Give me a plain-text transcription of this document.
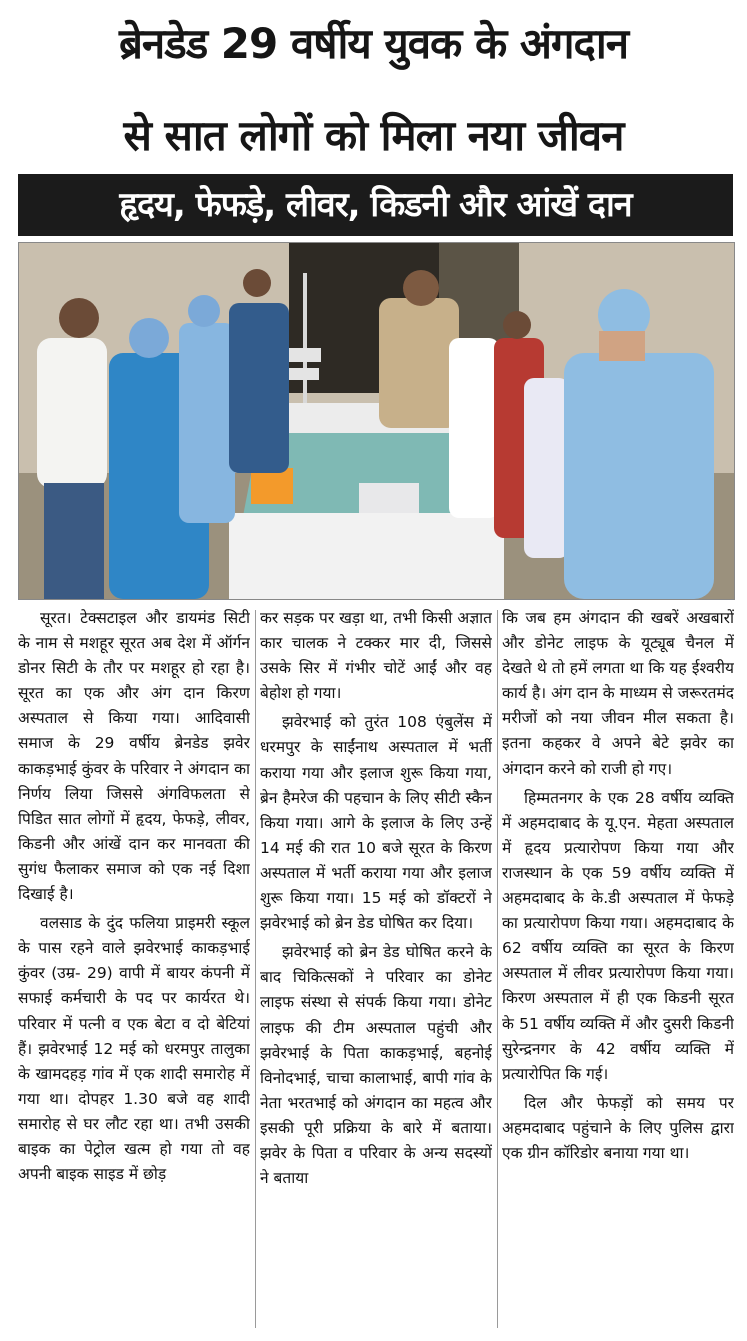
ब्रेनडेड 29 वर्षीय युवक के अंगदान
से सात लोगों को मिला नया जीवन
हृदय, फेफड़े, लीवर, किडनी और आंखें दान

सूरत। टेक्सटाइल और डायमंड सिटी के नाम से मशहूर सूरत अब देश में ऑर्गन डोनर सिटी के तौर पर मशहूर हो रहा है। सूरत का एक और अंग दान किरण अस्पताल से किया गया। आदिवासी समाज के 29 वर्षीय ब्रेनडेड झवेर काकड़भाई कुंवर के परिवार ने अंगदान का निर्णय लिया जिससे अंगविफलता से पिडित सात लोगों में हृदय, फेफड़े, लीवर, किडनी और आंखें दान कर मानवता की सुगंध फैलाकर समाज को एक नई दिशा दिखाई है।

वलसाड के दुंद फलिया प्राइमरी स्कूल के पास रहने वाले झवेरभाई काकड़भाई कुंवर (उम्र- 29) वापी में बायर कंपनी में सफाई कर्मचारी के पद पर कार्यरत थे। परिवार में पत्नी व एक बेटा व दो बेटियां हैं। झवेरभाई 12 मई को धरमपुर तालुका के खामदहड़ गांव में एक शादी समारोह में गया था। दोपहर 1.30 बजे वह शादी समारोह से घर लौट रहा था। तभी उसकी बाइक का पेट्रोल खत्म हो गया तो वह अपनी बाइक साइड में छोड़

कर सड़क पर खड़ा था, तभी किसी अज्ञात कार चालक ने टक्कर मार दी, जिससे उसके सिर में गंभीर चोटें आईं और वह बेहोश हो गया।

झवेरभाई को तुरंत 108 एंबुलेंस में धरमपुर के साईंनाथ अस्पताल में भर्ती कराया गया और इलाज शुरू किया गया, ब्रेन हैमरेज की पहचान के लिए सीटी स्कैन किया गया। आगे के इलाज के लिए उन्हें 14 मई की रात 10 बजे सूरत के किरण अस्पताल में भर्ती कराया गया और इलाज शुरू किया गया। 15 मई को डॉक्टरों ने झवेरभाई को ब्रेन डेड घोषित कर दिया।

झवेरभाई को ब्रेन डेड घोषित करने के बाद चिकित्सकों ने परिवार का डोनेट लाइफ संस्था से संपर्क किया गया। डोनेट लाइफ की टीम अस्पताल पहुंची और झवेरभाई के पिता काकड़भाई, बहनोई विनोदभाई, चाचा कालाभाई, बापी गांव के नेता भरतभाई को अंगदान का महत्व और इसकी पूरी प्रक्रिया के बारे में बताया। झवेर के पिता व परिवार के अन्य सदस्यों ने बताया

कि जब हम अंगदान की खबरें अखबारों और डोनेट लाइफ के यूट्यूब चैनल में देखते थे तो हमें लगता था कि यह ईश्वरीय कार्य है। अंग दान के माध्यम से जरूरतमंद मरीजों को नया जीवन मील सकता है। इतना कहकर वे अपने बेटे झवेर का अंगदान करने को राजी हो गए।

हिम्मतनगर के एक 28 वर्षीय व्यक्ति में अहमदाबाद के यू.एन. मेहता अस्पताल में हृदय प्रत्यारोपण किया गया और राजस्थान के एक 59 वर्षीय व्यक्ति में अहमदाबाद के के.डी अस्पताल में फेफड़े का प्रत्यारोपण किया गया। अहमदाबाद के 62 वर्षीय व्यक्ति का सूरत के किरण अस्पताल में लीवर प्रत्यारोपण किया गया। किरण अस्पताल में ही एक किडनी सूरत के 51 वर्षीय व्यक्ति में और दुसरी किडनी सुरेन्द्रनगर के 42 वर्षीय व्यक्ति में प्रत्यारोपित कि गई।

दिल और फेफड़ों को समय पर अहमदाबाद पहुंचाने के लिए पुलिस द्वारा एक ग्रीन कॉरिडोर बनाया गया था।
